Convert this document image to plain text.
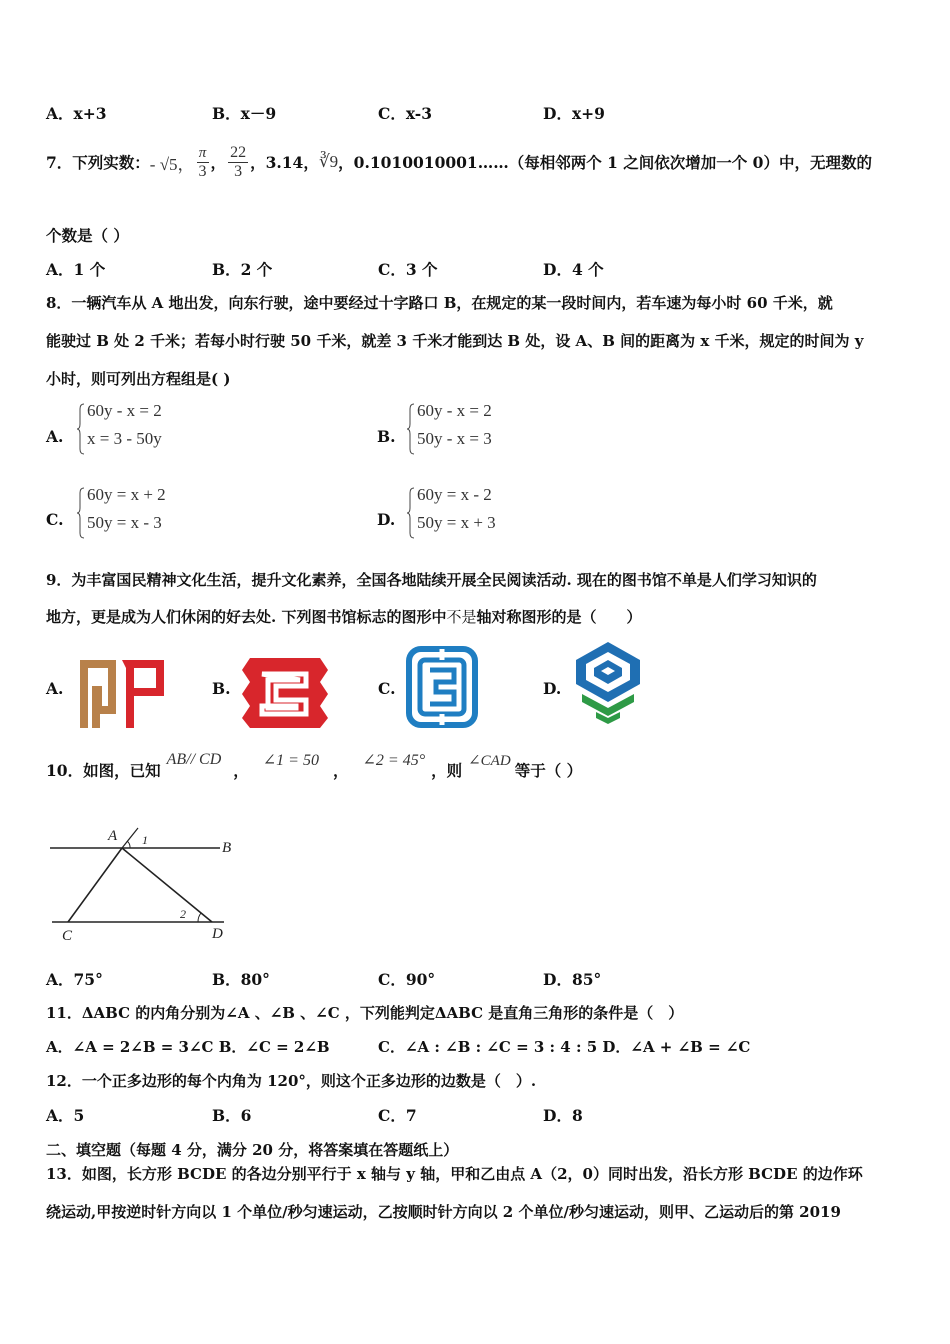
A．x+3	B．x－9	C．x-3	D．x+9
7．下列实数： - √5， $\frac{\pi}{3}$ ， $\frac{22}{3}$ ，3.14， ∛9 ，0.1010010001……（每相邻两个 1 之间依次增加一个 0）中，无理数的
个数是（ ）
A．1 个	B．2 个	C．3 个	D．4 个
8．一辆汽车从 A 地出发，向东行驶，途中要经过十字路口 B，在规定的某一段时间内，若车速为每小时 60 千米，就
能驶过 B 处 2 千米；若每小时行驶 50 千米，就差 3 千米才能到达 B 处，设 A、B 间的距离为 x 千米，规定的时间为 y
小时，则可列出方程组是( )
A.
60y - x = 2
x = 3 - 50y	B.
60y - x = 2
50y - x = 3
C.
60y = x + 2
50y = x - 3	D.
60y = x - 2
50y = x + 3
9．为丰富国民精神文化生活，提升文化素养，全国各地陆续开展全民阅读活动. 现在的图书馆不单是人们学习知识的
地方，更是成为人们休闲的好去处. 下列图书馆标志的图形中不是轴对称图形的是（　　）
A.	B.	C.	D.
10．如图，已知
AB// CD
，
∠1 = 50
，
∠2 = 45°
，则
∠CAD
等于（ ）
A
B
C	D
1
2
A．75°	B．80°	C．90°	D．85°
11．ΔABC 的内角分别为∠A 、∠B 、∠C ，下列能判定ΔABC 是直角三角形的条件是（　）
A．∠A = 2∠B = 3∠C B．∠C = 2∠B	C．∠A : ∠B : ∠C = 3 : 4 : 5 D．∠A + ∠B = ∠C
12．一个正多边形的每个内角为 120°，则这个正多边形的边数是（　）.
A．5	B．6	C．7	D．8
二、填空题（每题 4 分，满分 20 分，将答案填在答题纸上）
13．如图，长方形 BCDE 的各边分别平行于 x 轴与 y 轴，甲和乙由点 A（2，0）同时出发，沿长方形 BCDE 的边作环
绕运动,甲按逆时针方向以 1 个单位/秒匀速运动，乙按顺时针方向以 2 个单位/秒匀速运动，则甲、乙运动后的第 2019
